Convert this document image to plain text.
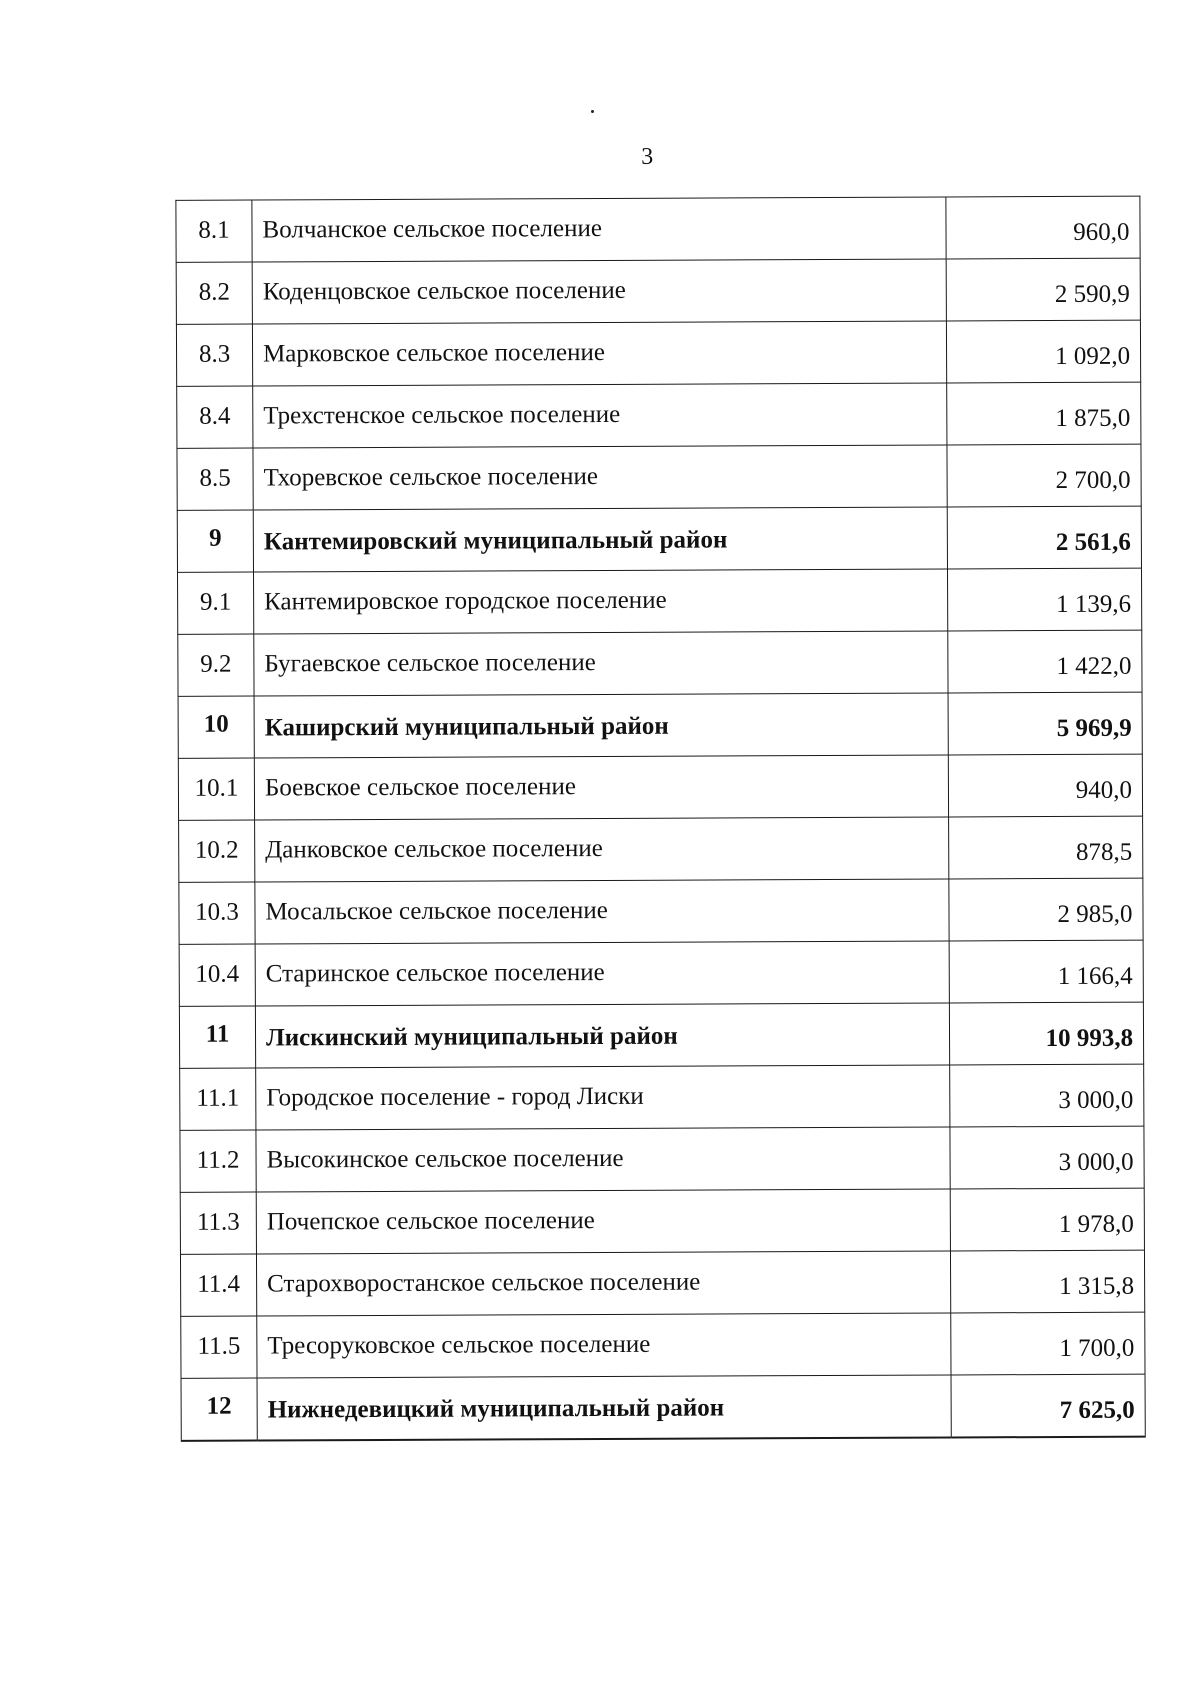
3
8.1	Волчанское сельское поселение	960,0
8.2	Коденцовское сельское поселение	2 590,9
8.3	Марковское сельское поселение	1 092,0
8.4	Трехстенское сельское поселение	1 875,0
8.5	Тхоревское сельское поселение	2 700,0
9	Кантемировский муниципальный район	2 561,6
9.1	Кантемировское городское поселение	1 139,6
9.2	Бугаевское сельское поселение	1 422,0
10	Каширский муниципальный район	5 969,9
10.1	Боевское сельское поселение	940,0
10.2	Данковское сельское поселение	878,5
10.3	Мосальское сельское поселение	2 985,0
10.4	Старинское сельское поселение	1 166,4
11	Лискинский муниципальный район	10 993,8
11.1	Городское поселение - город Лиски	3 000,0
11.2	Высокинское сельское поселение	3 000,0
11.3	Почепское сельское поселение	1 978,0
11.4	Старохворостанское сельское поселение	1 315,8
11.5	Тресоруковское сельское поселение	1 700,0
12	Нижнедевицкий муниципальный район	7 625,0
